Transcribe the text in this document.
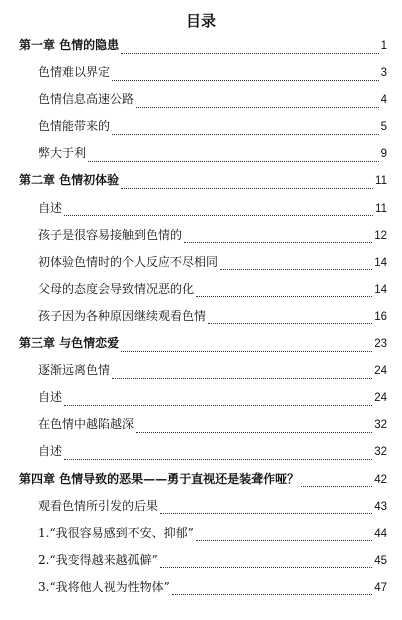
目录
第一章 色情的隐患	1
色情难以界定	3
色情信息高速公路	4
色情能带来的	5
弊大于利	9
第二章 色情初体验	11
自述	11
孩子是很容易接触到色情的	12
初体验色情时的个人反应不尽相同	14
父母的态度会导致情况恶的化	14
孩子因为各种原因继续观看色情	16
第三章 与色情恋爱	23
逐渐远离色情	24
自述	24
在色情中越陷越深	32
自述	32
第四章 色情导致的恶果——勇于直视还是装聋作哑？	42
观看色情所引发的后果	43
1.“我很容易感到不安、抑郁”	44
2.“我变得越来越孤僻”	45
3.“我将他人视为性物体”	47
